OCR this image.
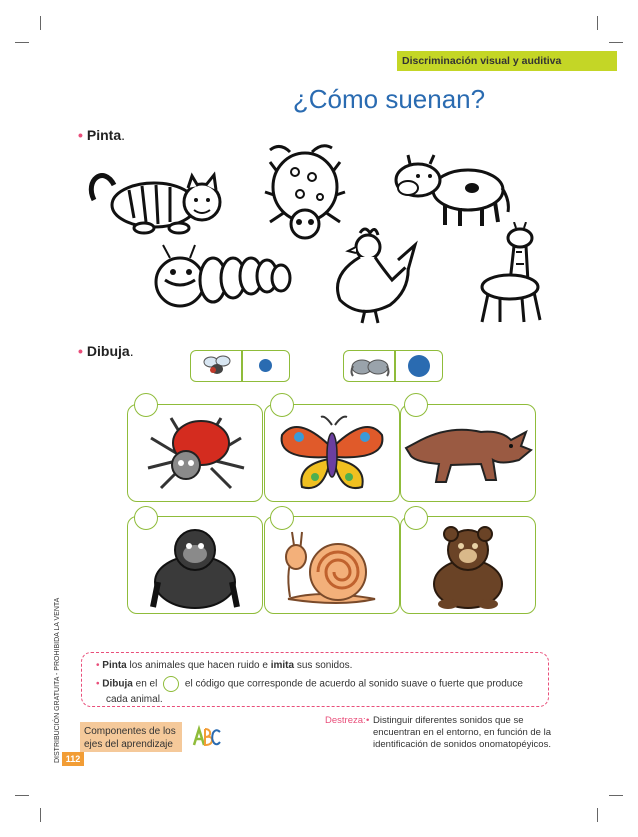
Discriminación visual y auditiva
¿Cómo suenan?
• Pinta.
• Dibuja.

• Pinta los animales que hacen ruido e imita sus sonidos.

• Dibuja en el  el código que corresponde de acuerdo al sonido suave o fuerte que produce

cada animal.

Componentes de los ejes del aprendizaje
112
DISTRIBUCIÓN GRATUITA - PROHIBIDA LA VENTA	Destreza: • Distinguir diferentes sonidos que se encuentran en el entorno, en función de la identificación de sonidos onomatopéyicos.
